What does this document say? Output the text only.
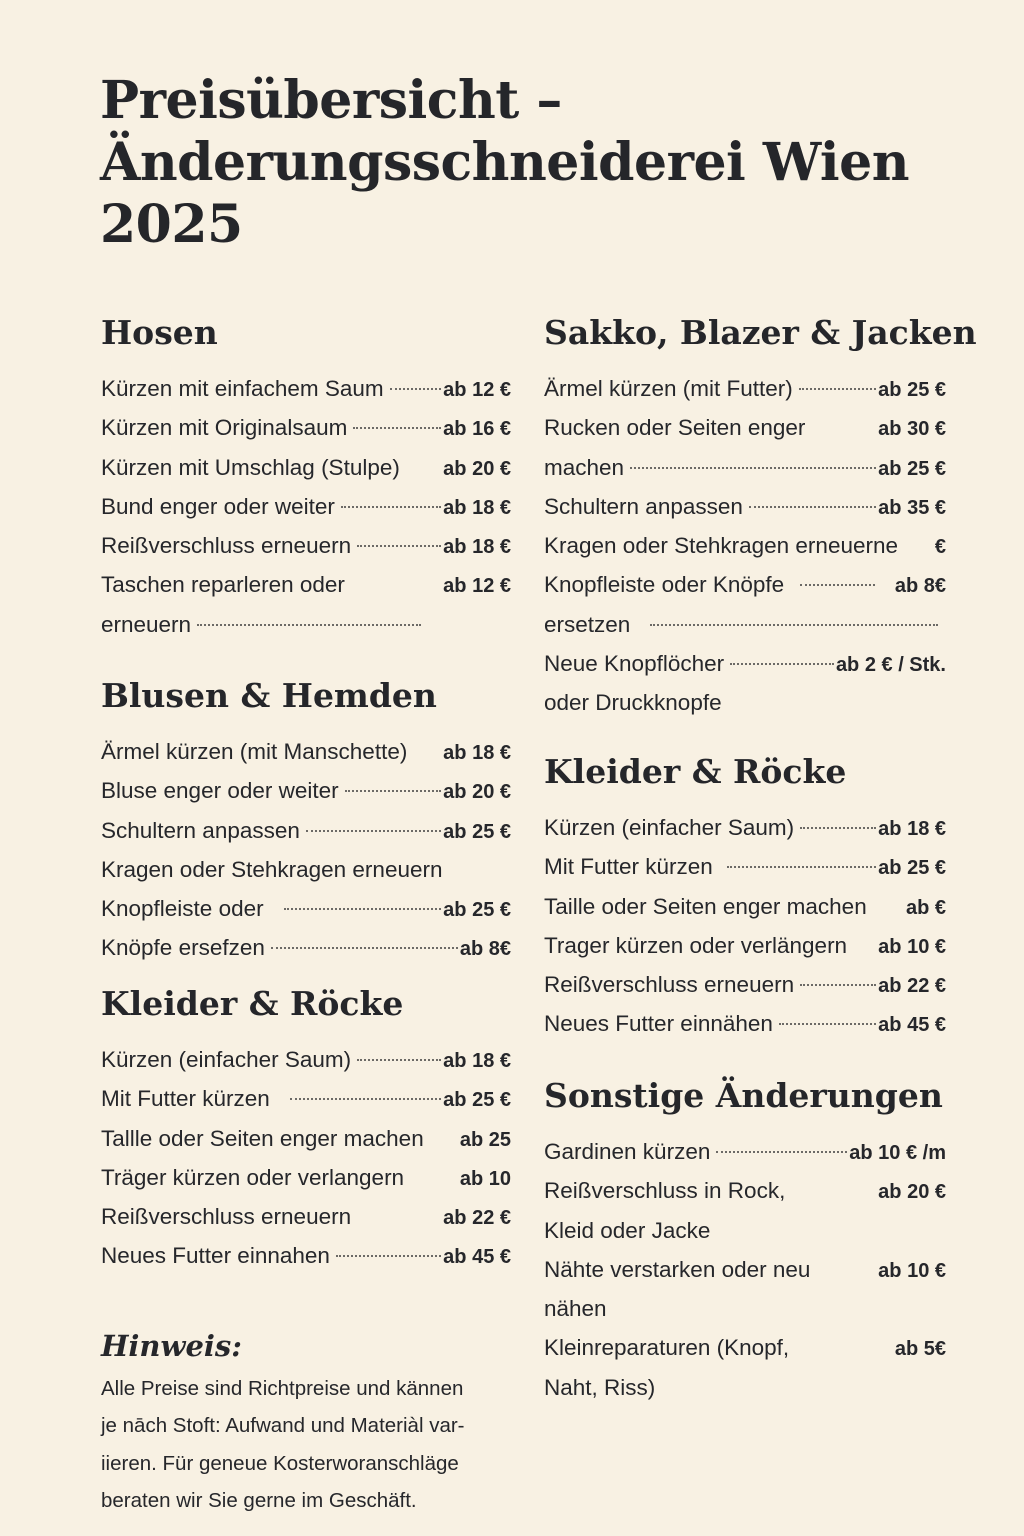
Preisübersicht –
Änderungsschneiderei Wien
2025
Hosen
Kürzen mit einfachem Saum	ab 12 €
Kürzen mit Originalsaum	ab 16 €
Kürzen mit Umschlag (Stulpe) ab 20 €
Bund enger oder weiter	ab 18 €
Reißverschluss erneuern	ab 18 €
Taschen reparleren oder	ab 12 €
erneuern
Blusen & Hemden
Ärmel kürzen (mit Manschette) ab 18 €
Bluse enger oder weiter	ab 20 €
Schultern anpassen	ab 25 €
Kragen oder Stehkragen erneuern
Knopfleiste oder	ab 25 €
Knöpfe ersefzen	ab 8€
Kleider & Röcke
Kürzen (einfacher Saum)	ab 18 €
Mit Futter kürzen	ab 25 €
Tallle oder Seiten enger machen ab 25
Träger kürzen oder verlangern	ab 10
Reißverschluss erneuern	ab 22 €
Neues Futter einnahen	ab 45 €
Hinweis:

Alle Preise sind Richtpreise und kännen
je nāch Stoft: Aufwand und Materiàl var-
iieren. Für geneue Kosterworanschläge
beraten wir Sie gerne im Geschäft.

Sakko, Blazer & Jacken
Ärmel kürzen (mit Futter)	ab 25 €
Rucken oder Seiten enger	ab 30 €
machen	ab 25 €
Schultern anpassen	ab 35 €
Kragen oder Stehkragen erneuerne €
Knopfleiste oder Knöpfe	ab 8€
ersetzen
Neue Knopflöcher	ab 2 € / Stk.
oder Druckknopfe
Kleider & Röcke
Kürzen (einfacher Saum)	ab 18 €
Mit Futter kürzen	ab 25 €
Taille oder Seiten enger machen ab €
Trager kürzen oder verlängern ab 10 €
Reißverschluss erneuern	ab 22 €
Neues Futter einnähen	ab 45 €
Sonstige Änderungen
Gardinen kürzen	ab 10 € /m
Reißverschluss in Rock,	ab 20 €
Kleid oder Jacke
Nähte verstarken oder neu	ab 10 €
nähen
Kleinreparaturen (Knopf,	ab 5€
Naht, Riss)
